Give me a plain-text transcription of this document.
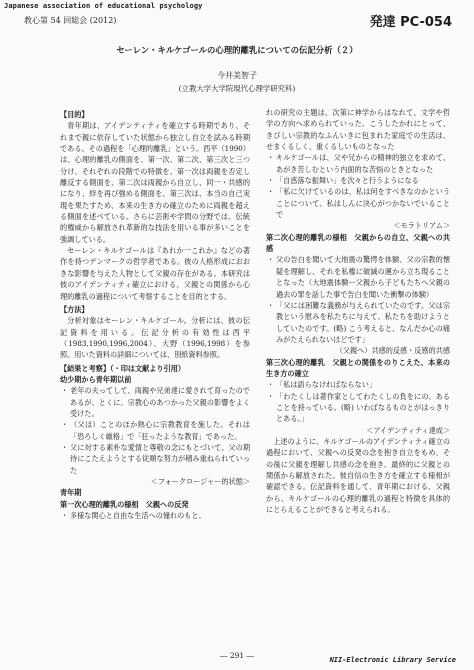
Japanese association of educational psychology
教心第 54 回総会 (2012)	発達 PC-054
セーレン・キルケゴールの心理的離乳についての伝記分析（２）
今井美智子
(立教大学大学院現代心理学研究科)

【目的】

青年期は、アイデンティティを確立する時期であり、それまで親に依存していた状態から独立し自立を試みる時期である。その過程を「心理的離乳」という。西平（1990）は、心理的離乳の側面を、第一次、第二次、第三次と三つ分け、それぞれの段階での特徴を、第一次は両親を否定し離反する側面を、第二次は両親から自立し、同一・共感的になり、絆を再び強める側面を、第三次は、本当の自己実現を果たすため、本来の生き方の確立のために両親を超える側面を述べている。さらに芸術や学問の分野では、伝統的権威から解放され革新的な技法を用いる事が多いことを強調している。

セーレン・キルケゴールは『あれか一これか』などの著作を持つデンマークの哲学者である。彼の人格形成におおきな影響を与えた人物として父親の存在がある。本研究は彼のアイデンティティ確立における、父親との関係から心理的離乳の過程について考察することを目的とする。

【方法】

分析対象はセーレン・キルケゴール。分析には、彼の伝記資料を用いる。伝記分析の有効性は西平（1983,1990,1996,2004）、大野（1996,1998）を参照。用いた資料の詳細については、別紙資料参照。

【結果と考察】（・印は文献より引用）

幼少期から青年期以前

・ 老年の夫ってして、両親や兄弟達に愛されて育ったのであるが、とくに、宗教心のあつかった父親の影響をよく受けた。

・ （父は）ことのほか熱心に宗教教育を施した。それは「恐ろしく厳格」で「狂ったような教育」であった。

・ 父に対する素朴な愛情と尊敬の念にもとづいて、父の期待にこたえようとする従順な努力が積み重ねられていった

＜フォークロージャー的状態＞

青年期

第一次心理的離乳の様相　父親への反発

・ 多様な関心と自由な生活への憧れのもと、

れの研究の主題は、次第に神学からはなれて、文学や哲学の方向へ求められていった。こうしたかれにとって、きびしい宗教的なふんいきに包まれた家庭での生活は、せまくるしく、重くるしいものとなった

・ キルケゴールは、父や兄からの精神的独立を求めて、あがき苦しむという内面的な苦悩のときとなった

・ 「自惑落な振舞い」を次々と行うようになる

・ 「私に欠けているのは、私は何をすべきなのかということについて、私はしんに決心がつかないでいることで

＜モラトリアム＞

第二次心理的離乳の様相　父親からの自立、父親への共感

・ 父の告白を聞いて大地震の驚愕を体験、父の宗教的懐疑を理解し、それを私権に破滅の運から立ち現ることとなった（大地震体験ー父親から子どもたちへ父親の過去の罪を話した事で告白を聞いた衝撃の体験）

・ 「父には困難な義務が与えられていたのです。父は宗教という慰みを私たちに与えて、私たちを助けようとしていたのです。(略) こう考えると、なんだか心の痛みがたえられないほどです」

（父親へ）共感的反感・反感的共感

第三次心理的離乳　父親との関係をのりこえた、本来の生き方の確立

・ 「私は語らなければならない」

・ 「わたくしは著作家としてわたくしの負をにの、あることを持っている。(略) いわばなるものとがはっきりとある。」

＜アイデンティティ達成＞

上述のように、キルケゴールのアイデンティティ確立の過程において、父親への反発の念を抱き自立をもめ、その後に父親を理解し共感の念を抱き、最終的に父親との関係から解放された。彼自信の生き方を確立する様相が確認できる。伝記資料を通して、青年期における、父親から、キルケゴールの心理的離乳の過程と特徴を具体的にとらえることができると考えられる。

― 291 ―	NII-Electronic Library Service
